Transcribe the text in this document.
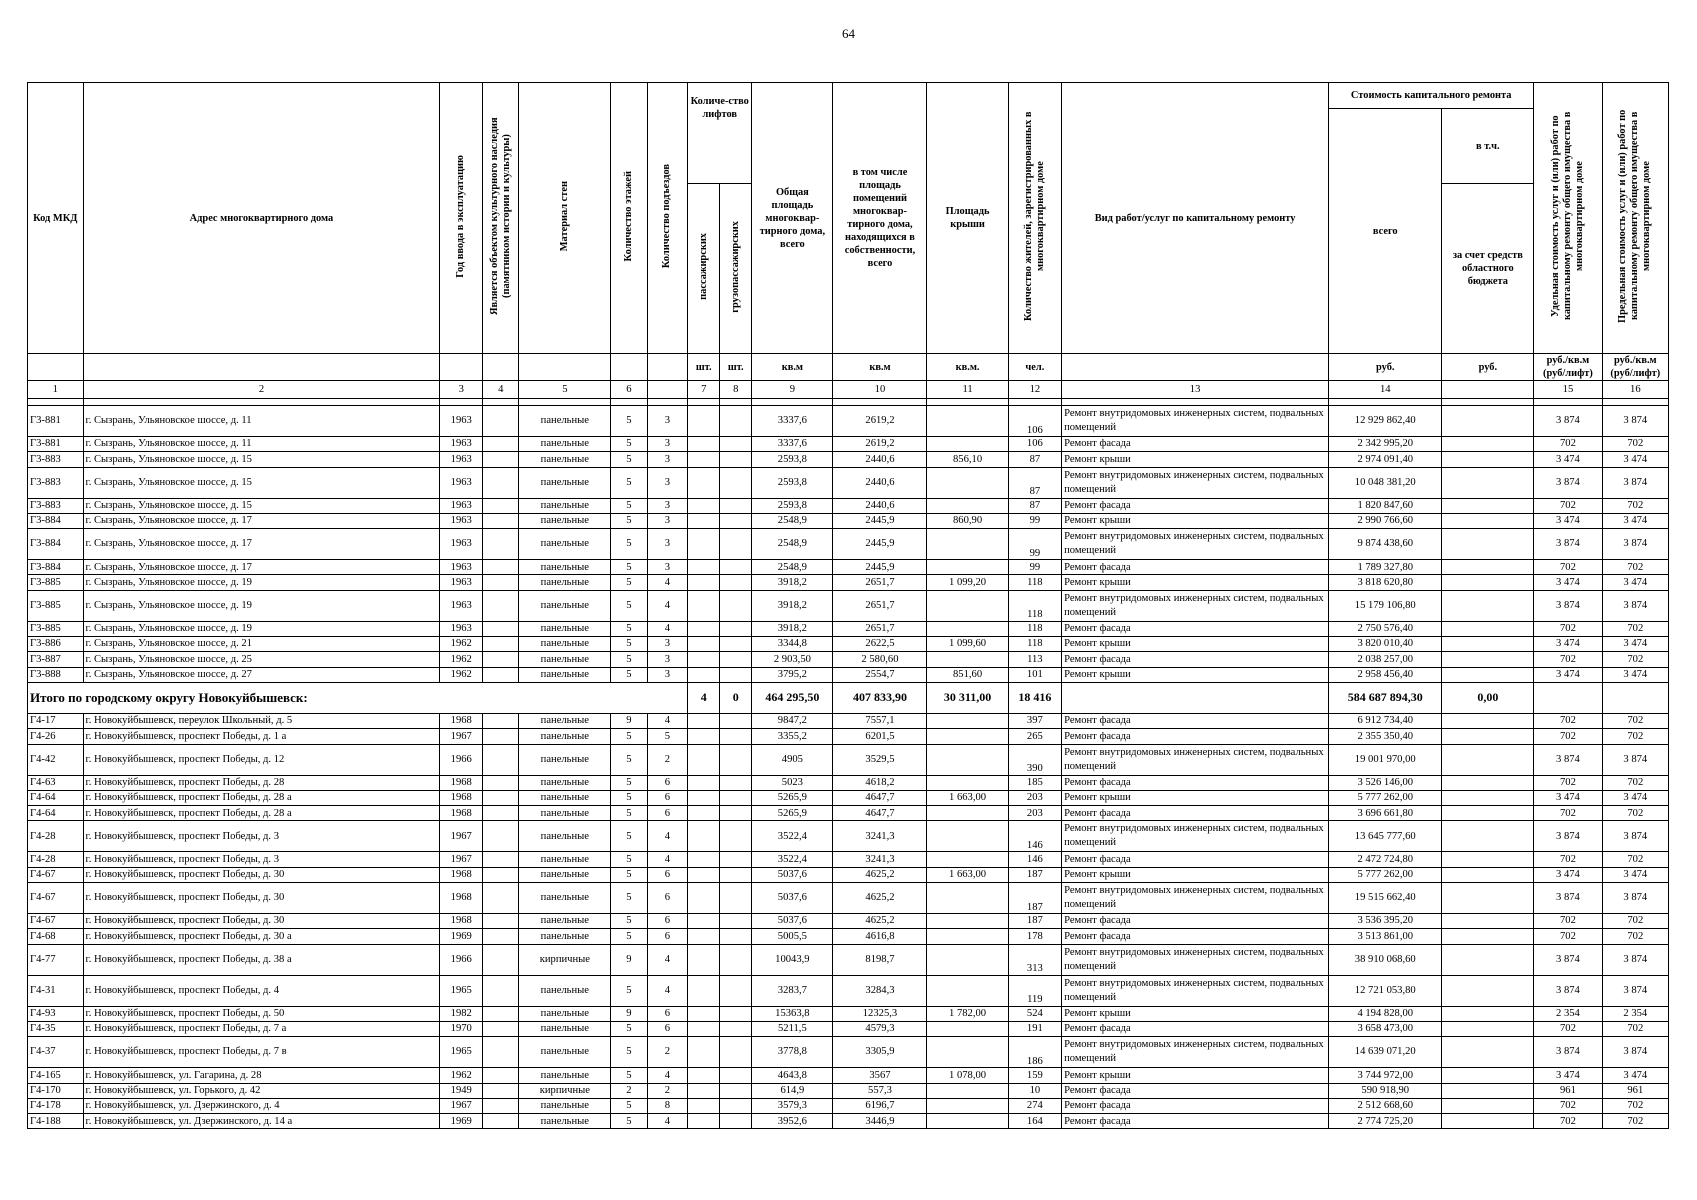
64
Код МКД	Адрес многоквартирного дома	Год ввода в эксплуатацию	Является объектом культурного наследия (памятником истории и культуры)	Материал стен	Количество этажей	Количество подъездов	Количе-ство лифтов		Общая площадь многоквар-тирного дома, всего	в том числе площадь помещений многоквар-тирного дома, находящихся в собственности, всего	Площадь крыши	Количество жителей, зарегистрированных в многоквартирном доме	Вид работ/услуг по капитальному ремонту	Стоимость капитального ремонта		Удельная стоимость услуг и (или) работ по капитальному ремонту общего имущества в многоквартирном доме	Предельная стоимость услуг и (или) работ по капитальному ремонту общего имущества в многоквартирном доме
														всего	в т.ч.		
							пассажирских	грузопассажирских							за счет средств областного бюджета		
							шт.	шт.	кв.м	кв.м	кв.м.	чел.		руб.	руб.	руб./кв.м (руб/лифт)	руб./кв.м (руб/лифт)
1	2	3	4	5	6		7	8	9	10	11	12	13	14		15	16

Г3-881	г. Сызрань, Ульяновское шоссе, д. 11	1963		панельные	5	3			3337,6	2619,2		106	Ремонт внутридомовых инженерных систем, подвальных помещений	12 929 862,40		3 874	3 874
Г3-881	г. Сызрань, Ульяновское шоссе, д. 11	1963		панельные	5	3			3337,6	2619,2		106	Ремонт фасада	2 342 995,20		702	702
Г3-883	г. Сызрань, Ульяновское шоссе, д. 15	1963		панельные	5	3			2593,8	2440,6	856,10	87	Ремонт крыши	2 974 091,40		3 474	3 474
Г3-883	г. Сызрань, Ульяновское шоссе, д. 15	1963		панельные	5	3			2593,8	2440,6		87	Ремонт внутридомовых инженерных систем, подвальных помещений	10 048 381,20		3 874	3 874
Г3-883	г. Сызрань, Ульяновское шоссе, д. 15	1963		панельные	5	3			2593,8	2440,6		87	Ремонт фасада	1 820 847,60		702	702
Г3-884	г. Сызрань, Ульяновское шоссе, д. 17	1963		панельные	5	3			2548,9	2445,9	860,90	99	Ремонт крыши	2 990 766,60		3 474	3 474
Г3-884	г. Сызрань, Ульяновское шоссе, д. 17	1963		панельные	5	3			2548,9	2445,9		99	Ремонт внутридомовых инженерных систем, подвальных помещений	9 874 438,60		3 874	3 874
Г3-884	г. Сызрань, Ульяновское шоссе, д. 17	1963		панельные	5	3			2548,9	2445,9		99	Ремонт фасада	1 789 327,80		702	702
Г3-885	г. Сызрань, Ульяновское шоссе, д. 19	1963		панельные	5	4			3918,2	2651,7	1 099,20	118	Ремонт крыши	3 818 620,80		3 474	3 474
Г3-885	г. Сызрань, Ульяновское шоссе, д. 19	1963		панельные	5	4			3918,2	2651,7		118	Ремонт внутридомовых инженерных систем, подвальных помещений	15 179 106,80		3 874	3 874
Г3-885	г. Сызрань, Ульяновское шоссе, д. 19	1963		панельные	5	4			3918,2	2651,7		118	Ремонт фасада	2 750 576,40		702	702
Г3-886	г. Сызрань, Ульяновское шоссе, д. 21	1962		панельные	5	3			3344,8	2622,5	1 099,60	118	Ремонт крыши	3 820 010,40		3 474	3 474
Г3-887	г. Сызрань, Ульяновское шоссе, д. 25	1962		панельные	5	3			2 903,50	2 580,60		113	Ремонт фасада	2 038 257,00		702	702
Г3-888	г. Сызрань, Ульяновское шоссе, д. 27	1962		панельные	5	3			3795,2	2554,7	851,60	101	Ремонт крыши	2 958 456,40		3 474	3 474
Итого по городскому округу Новокуйбышевск:							4	0	464 295,50	407 833,90	30 311,00	18 416		584 687 894,30	0,00		
Г4-17	г. Новокуйбышевск, переулок Школьный, д. 5	1968		панельные	9	4			9847,2	7557,1		397	Ремонт фасада	6 912 734,40		702	702
Г4-26	г. Новокуйбышевск, проспект Победы, д. 1 а	1967		панельные	5	5			3355,2	6201,5		265	Ремонт фасада	2 355 350,40		702	702
Г4-42	г. Новокуйбышевск, проспект Победы, д. 12	1966		панельные	5	2			4905	3529,5		390	Ремонт внутридомовых инженерных систем, подвальных помещений	19 001 970,00		3 874	3 874
Г4-63	г. Новокуйбышевск, проспект Победы, д. 28	1968		панельные	5	6			5023	4618,2		185	Ремонт фасада	3 526 146,00		702	702
Г4-64	г. Новокуйбышевск, проспект Победы, д. 28 а	1968		панельные	5	6			5265,9	4647,7	1 663,00	203	Ремонт крыши	5 777 262,00		3 474	3 474
Г4-64	г. Новокуйбышевск, проспект Победы, д. 28 а	1968		панельные	5	6			5265,9	4647,7		203	Ремонт фасада	3 696 661,80		702	702
Г4-28	г. Новокуйбышевск, проспект Победы, д. 3	1967		панельные	5	4			3522,4	3241,3		146	Ремонт внутридомовых инженерных систем, подвальных помещений	13 645 777,60		3 874	3 874
Г4-28	г. Новокуйбышевск, проспект Победы, д. 3	1967		панельные	5	4			3522,4	3241,3		146	Ремонт фасада	2 472 724,80		702	702
Г4-67	г. Новокуйбышевск, проспект Победы, д. 30	1968		панельные	5	6			5037,6	4625,2	1 663,00	187	Ремонт крыши	5 777 262,00		3 474	3 474
Г4-67	г. Новокуйбышевск, проспект Победы, д. 30	1968		панельные	5	6			5037,6	4625,2		187	Ремонт внутридомовых инженерных систем, подвальных помещений	19 515 662,40		3 874	3 874
Г4-67	г. Новокуйбышевск, проспект Победы, д. 30	1968		панельные	5	6			5037,6	4625,2		187	Ремонт фасада	3 536 395,20		702	702
Г4-68	г. Новокуйбышевск, проспект Победы, д. 30 а	1969		панельные	5	6			5005,5	4616,8		178	Ремонт фасада	3 513 861,00		702	702
Г4-77	г. Новокуйбышевск, проспект Победы, д. 38 а	1966		кирпичные	9	4			10043,9	8198,7		313	Ремонт внутридомовых инженерных систем, подвальных помещений	38 910 068,60		3 874	3 874
Г4-31	г. Новокуйбышевск, проспект Победы, д. 4	1965		панельные	5	4			3283,7	3284,3		119	Ремонт внутридомовых инженерных систем, подвальных помещений	12 721 053,80		3 874	3 874
Г4-93	г. Новокуйбышевск, проспект Победы, д. 50	1982		панельные	9	6			15363,8	12325,3	1 782,00	524	Ремонт крыши	4 194 828,00		2 354	2 354
Г4-35	г. Новокуйбышевск, проспект Победы, д. 7 а	1970		панельные	5	6			5211,5	4579,3		191	Ремонт фасада	3 658 473,00		702	702
Г4-37	г. Новокуйбышевск, проспект Победы, д. 7 в	1965		панельные	5	2			3778,8	3305,9		186	Ремонт внутридомовых инженерных систем, подвальных помещений	14 639 071,20		3 874	3 874
Г4-165	г. Новокуйбышевск, ул. Гагарина, д. 28	1962		панельные	5	4			4643,8	3567	1 078,00	159	Ремонт крыши	3 744 972,00		3 474	3 474
Г4-170	г. Новокуйбышевск, ул. Горького, д. 42	1949		кирпичные	2	2			614,9	557,3		10	Ремонт фасада	590 918,90		961	961
Г4-178	г. Новокуйбышевск, ул. Дзержинского, д. 4	1967		панельные	5	8			3579,3	6196,7		274	Ремонт фасада	2 512 668,60		702	702
Г4-188	г. Новокуйбышевск, ул. Дзержинского, д. 14 а	1969		панельные	5	4			3952,6	3446,9		164	Ремонт фасада	2 774 725,20		702	702
